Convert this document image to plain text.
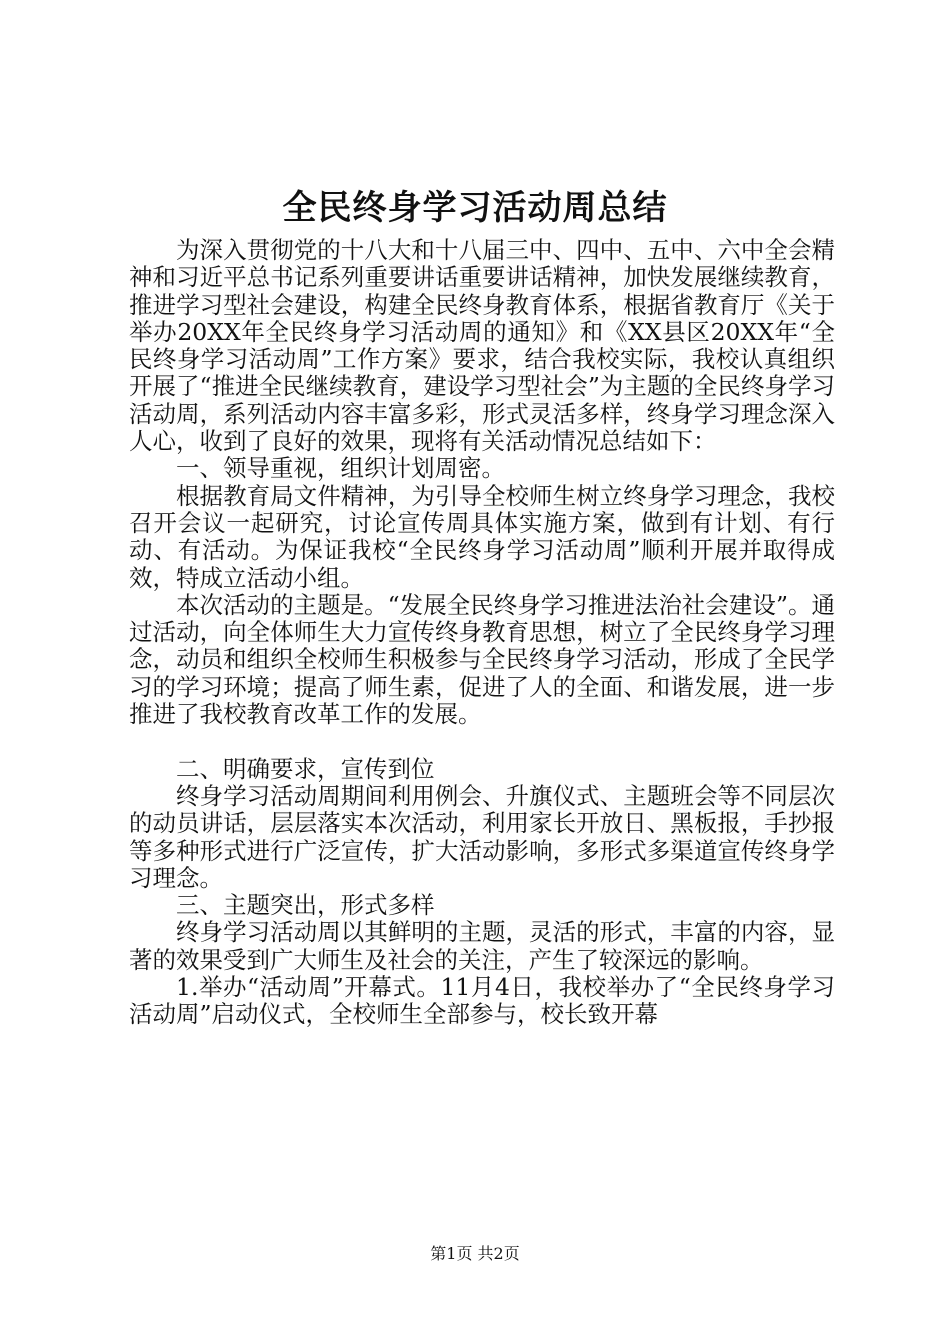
全民终身学习活动周总结

为深入贯彻党的十八大和十八届三中、四中、五中、六中全会精神和习近平总书记系列重要讲话重要讲话精神，加快发展继续教育，推进学习型社会建设，构建全民终身教育体系，根据省教育厅《关于举办20XX年全民终身学习活动周的通知》和《XX县区20XX年“全民终身学习活动周”工作方案》要求，结合我校实际，我校认真组织开展了“推进全民继续教育，建设学习型社会”为主题的全民终身学习活动周，系列活动内容丰富多彩，形式灵活多样，终身学习理念深入人心，收到了良好的效果，现将有关活动情况总结如下：

一、领导重视，组织计划周密。

根据教育局文件精神，为引导全校师生树立终身学习理念，我校召开会议一起研究，讨论宣传周具体实施方案，做到有计划、有行动、有活动。为保证我校“全民终身学习活动周”顺利开展并取得成效，特成立活动小组。

本次活动的主题是。“发展全民终身学习推进法治社会建设”。通过活动，向全体师生大力宣传终身教育思想，树立了全民终身学习理念，动员和组织全校师生积极参与全民终身学习活动，形成了全民学习的学习环境；提高了师生素，促进了人的全面、和谐发展，进一步推进了我校教育改革工作的发展。

二、明确要求，宣传到位

终身学习活动周期间利用例会、升旗仪式、主题班会等不同层次的动员讲话，层层落实本次活动，利用家长开放日、黑板报，手抄报等多种形式进行广泛宣传，扩大活动影响，多形式多渠道宣传终身学习理念。

三、主题突出，形式多样

终身学习活动周以其鲜明的主题，灵活的形式，丰富的内容，显著的效果受到广大师生及社会的关注，产生了较深远的影响。

1.举办“活动周”开幕式。11月4日，我校举办了“全民终身学习活动周”启动仪式，全校师生全部参与，校长致开幕

第1页 共2页
